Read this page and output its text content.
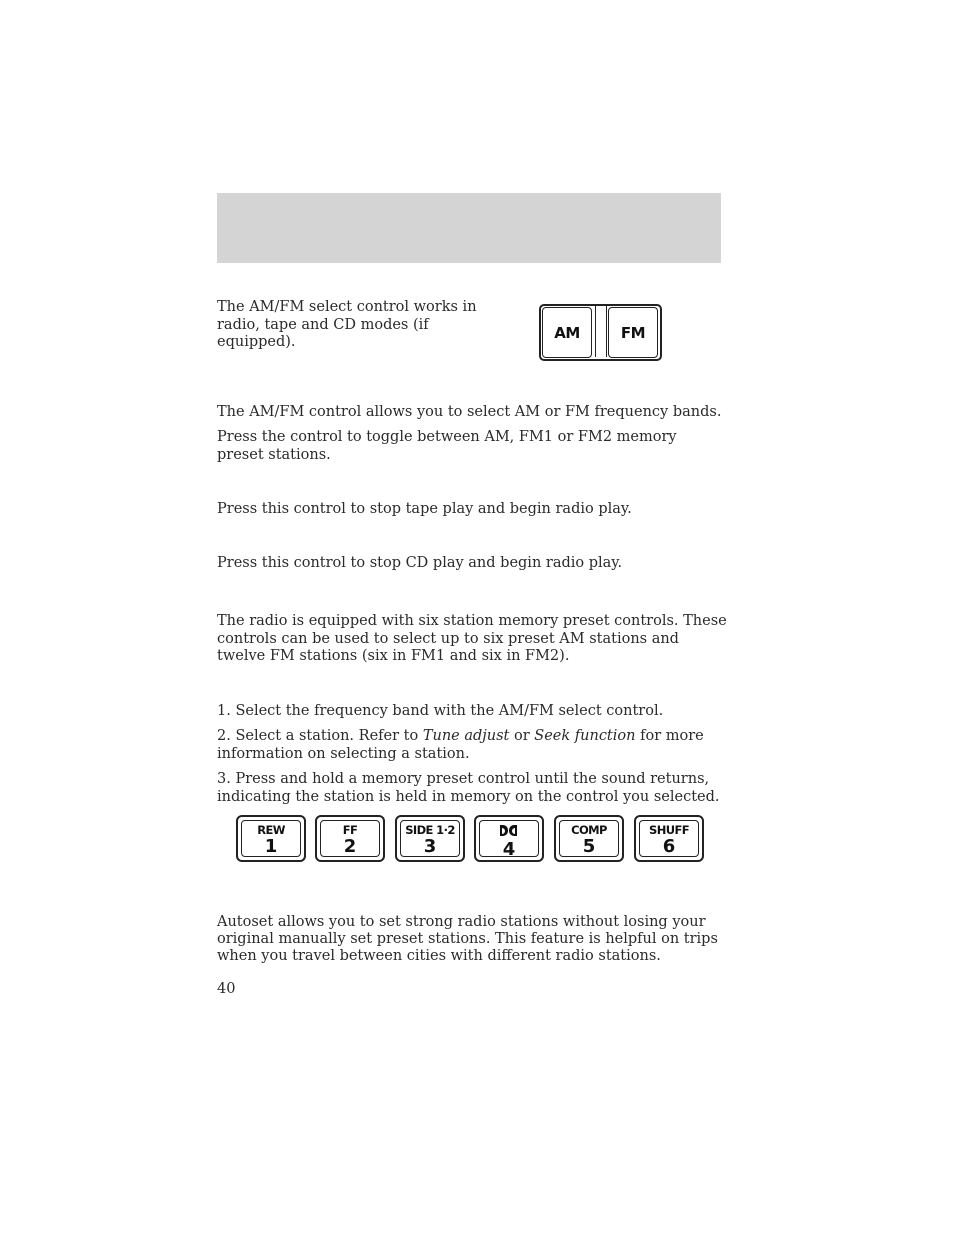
The AM/FM select control works in radio, tape and CD modes (if equipped).

AM	FM

The AM/FM control allows you to select AM or FM frequency bands.

Press the control to toggle between AM, FM1 or FM2 memory preset stations.

Press this control to stop tape play and begin radio play.

Press this control to stop CD play and begin radio play.

The radio is equipped with six station memory preset controls. These controls can be used to select up to six preset AM stations and twelve FM stations (six in FM1 and six in FM2).

1. Select the frequency band with the AM/FM select control.

2. Select a station. Refer to Tune adjust or Seek function for more information on selecting a station.

3. Press and hold a memory preset control until the sound returns, indicating the station is held in memory on the control you selected.

REW
1
FF
2
SIDE 1·2
3	4
COMP
5
SHUFF
6

Autoset allows you to set strong radio stations without losing your original manually set preset stations. This feature is helpful on trips when you travel between cities with different radio stations.

40
